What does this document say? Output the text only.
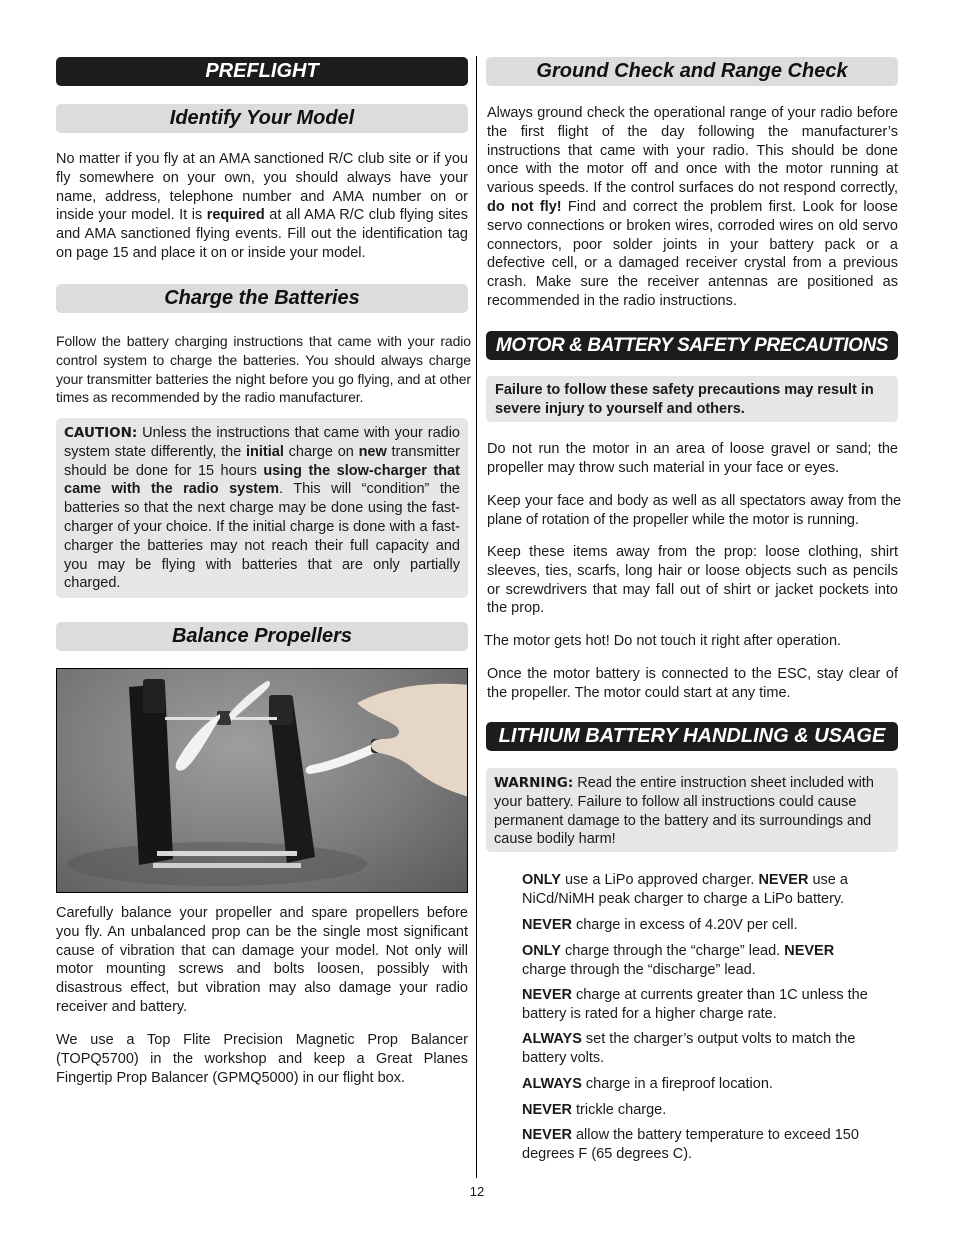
PREFLIGHT
Identify Your Model

No matter if you fly at an AMA sanctioned R/C club site or if you fly somewhere on your own, you should always have your name, address, telephone number and AMA number on or inside your model. It is required at all AMA R/C club flying sites and AMA sanctioned flying events. Fill out the identification tag on page 15 and place it on or inside your model.

Charge the Batteries

Follow the battery charging instructions that came with your radio control system to charge the batteries. You should always charge your transmitter batteries the night before you go flying, and at other times as recommended by the radio manufacturer.

CAUTION: Unless the instructions that came with your radio system state differently, the initial charge on new transmitter should be done for 15 hours using the slow-charger that came with the radio system. This will “condition” the batteries so that the next charge may be done using the fast-charger of your choice. If the initial charge is done with a fast-charger the batteries may not reach their full capacity and you may be flying with batteries that are only partially charged.
Balance Propellers

Carefully balance your propeller and spare propellers before you fly. An unbalanced prop can be the single most significant cause of vibration that can damage your model. Not only will motor mounting screws and bolts loosen, possibly with disastrous effect, but vibration may also damage your radio receiver and battery.

We use a Top Flite Precision Magnetic Prop Balancer (TOPQ5700) in the workshop and keep a Great Planes Fingertip Prop Balancer (GPMQ5000) in our flight box.

Ground Check and Range Check

Always ground check the operational range of your radio before the first flight of the day following the manufacturer’s instructions that came with your radio. This should be done once with the motor off and once with the motor running at various speeds. If the control surfaces do not respond correctly, do not fly! Find and correct the problem first. Look for loose servo connections or broken wires, corroded wires on old servo connectors, poor solder joints in your battery pack or a defective cell, or a damaged receiver crystal from a previous crash. Make sure the receiver antennas are positioned as recommended in the radio instructions.

MOTOR & BATTERY SAFETY PRECAUTIONS
Failure to follow these safety precautions may result in severe injury to yourself and others.

Do not run the motor in an area of loose gravel or sand; the propeller may throw such material in your face or eyes.

Keep your face and body as well as all spectators away from the plane of rotation of the propeller while the motor is running.

Keep these items away from the prop: loose clothing, shirt sleeves, ties, scarfs, long hair or loose objects such as pencils or screwdrivers that may fall out of shirt or jacket pockets into the prop.

The motor gets hot! Do not touch it right after operation.

Once the motor battery is connected to the ESC, stay clear of the propeller. The motor could start at any time.

LITHIUM BATTERY HANDLING & USAGE
WARNING: Read the entire instruction sheet included with your battery. Failure to follow all instructions could cause permanent damage to the battery and its surroundings and cause bodily harm!
ONLY use a LiPo approved charger. NEVER use a NiCd/NiMH peak charger to charge a LiPo battery.
NEVER charge in excess of 4.20V per cell.
ONLY charge through the “charge” lead. NEVER charge through the “discharge” lead.
NEVER charge at currents greater than 1C unless the battery is rated for a higher charge rate.
ALWAYS set the charger’s output volts to match the battery volts.
ALWAYS charge in a fireproof location.
NEVER trickle charge.
NEVER allow the battery temperature to exceed 150 degrees F (65 degrees C).
12
